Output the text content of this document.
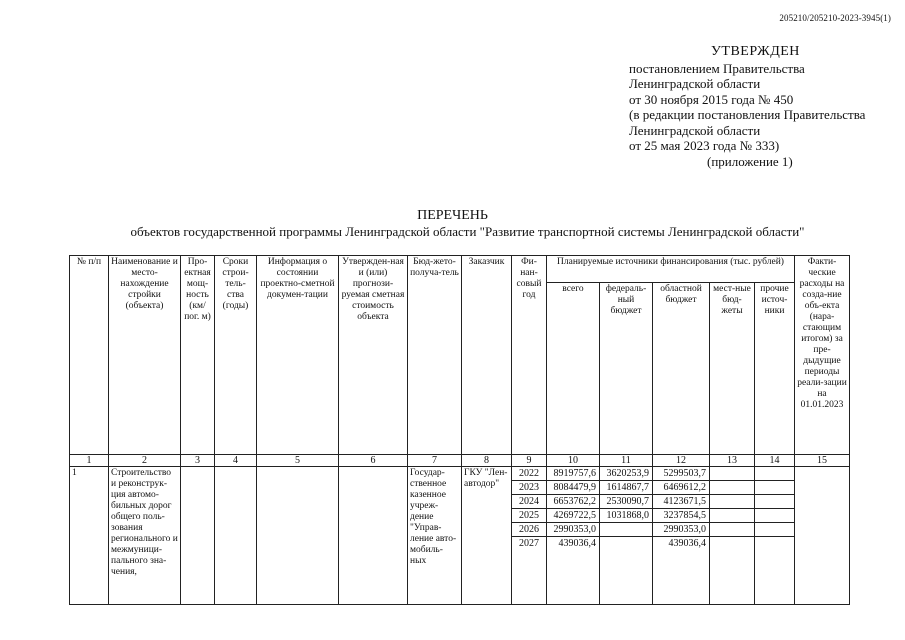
205210/205210-2023-3945(1)
УТВЕРЖДЕН
постановлением Правительства
Ленинградской области
от 30 ноября 2015 года № 450
(в редакции постановления Правительства
Ленинградской области
от 25 мая 2023 года № 333)
(приложение 1)
ПЕРЕЧЕНЬ
объектов государственной программы Ленинградской области "Развитие транспортной системы Ленинградской области"
№ п/п	Наименование и место-нахождение стройки (объекта)	Про-ектная мощ-ность (км/ пог. м)	Сроки строи-тель-ства (годы)	Информация о состоянии проектно-сметной докумен-тации	Утвержден-ная и (или) прогнози-руемая сметная стоимость объекта	Бюд-жето-получа-тель	Заказчик	Фи-нан-совый год	Планируемые источники финансирования (тыс. рублей)					Факти-ческие расходы на созда-ние объ-екта (нара-стающим итогом) за пре-дыдущие периоды реали-зации на 01.01.2023
									всего	федераль-ный бюджет	областной бюджет	мест-ные бюд-жеты	прочие источ-ники	
1	2	3	4	5	6	7	8	9	10	11	12	13	14	15
1	Строительство и реконструк-ция автомо-бильных дорог общего поль-зования регионального и межмуници-пального зна-чения,					Государ-ственное казенное учреж-дение "Управ-ление авто-мобиль-ных	ГКУ "Лен-автодор"	2022	8919757,6	3620253,9	5299503,7			
								2023	8084479,9	1614867,7	6469612,2			
								2024	6653762,2	2530090,7	4123671,5			
								2025	4269722,5	1031868,0	3237854,5			
								2026	2990353,0		2990353,0			
								2027	439036,4		439036,4			
